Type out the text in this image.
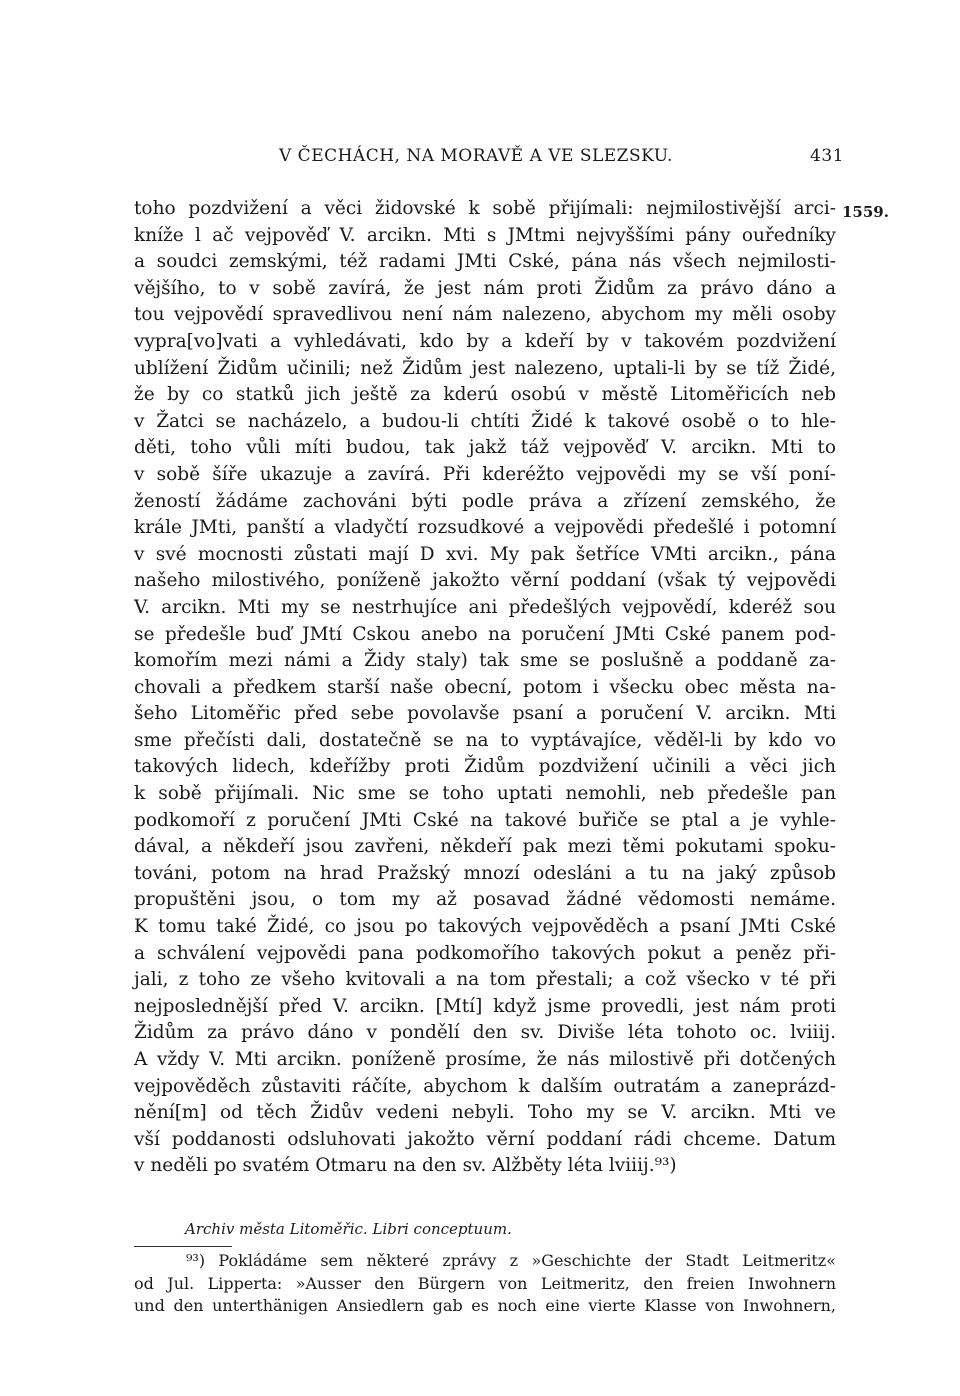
V ČECHÁCH, NA MORAVĚ A VE SLEZSKU.	431
1559.
toho pozdvižení a věci židovské k sobě přijímali: nejmilostivější arci-
kníže l ač vejpověď V. arcikn. Mti s JMtmi nejvyššími pány ouředníky
a soudci zemskými, též radami JMti Cské, pána nás všech nejmilosti-
vějšího, to v sobě zavírá, že jest nám proti Židům za právo dáno a
tou vejpovědí spravedlivou není nám nalezeno, abychom my měli osoby
vypra[vo]vati a vyhledávati, kdo by a kdeří by v takovém pozdvižení
ublížení Židům učinili; než Židům jest nalezeno, uptali-li by se tíž Židé,
že by co statků jich ještě za kderú osobú v městě Litoměřicích neb
v Žatci se nacházelo, a budou-li chtíti Židé k takové osobě o to hle-
děti, toho vůli míti budou, tak jakž táž vejpověď V. arcikn. Mti to
v sobě šíře ukazuje a zavírá. Při kderéžto vejpovědi my se vší poní-
žeností žádáme zachováni býti podle práva a zřízení zemského, že
krále JMti, panští a vladyčtí rozsudkové a vejpovědi předešlé i potomní
v své mocnosti zůstati mají D xvi. My pak šetříce VMti arcikn., pána
našeho milostivého, poníženě jakožto věrní poddaní (však tý vejpovědi
V. arcikn. Mti my se nestrhujíce ani předešlých vejpovědí, kderéž sou
se předešle buď JMtí Cskou anebo na poručení JMti Cské panem pod-
komořím mezi námi a Židy staly) tak sme se poslušně a poddaně za-
chovali a předkem starší naše obecní, potom i všecku obec města na-
šeho Litoměřic před sebe povolavše psaní a poručení V. arcikn. Mti
sme přečísti dali, dostatečně se na to vyptávajíce, věděl-li by kdo vo
takových lidech, kdeřížby proti Židům pozdvižení učinili a věci jich
k sobě přijímali. Nic sme se toho uptati nemohli, neb předešle pan
podkomoří z poručení JMti Cské na takové buřiče se ptal a je vyhle-
dával, a někdeří jsou zavřeni, někdeří pak mezi těmi pokutami spoku-
továni, potom na hrad Pražský mnozí odesláni a tu na jaký způsob
propuštěni jsou, o tom my až posavad žádné vědomosti nemáme.
K tomu také Židé, co jsou po takových vejpověděch a psaní JMti Cské
a schválení vejpovědi pana podkomořího takových pokut a peněz při-
jali, z toho ze všeho kvitovali a na tom přestali; a což všecko v té při
nejposlednější před V. arcikn. [Mtí] když jsme provedli, jest nám proti
Židům za právo dáno v pondělí den sv. Diviše léta tohoto oc. lviiij.
A vždy V. Mti arcikn. poníženě prosíme, že nás milostivě při dotčených
vejpověděch zůstaviti ráčíte, abychom k dalším outratám a zaneprázd-
nění[m] od těch Židův vedeni nebyli. Toho my se V. arcikn. Mti ve
vší poddanosti odsluhovati jakožto věrní poddaní rádi chceme. Datum
v neděli po svatém Otmaru na den sv. Alžběty léta lviiij.⁹³)
Archiv města Litoměřic. Libri conceptuum.
⁹³) Pokládáme sem některé zprávy z »Geschichte der Stadt Leitmeritz«
od Jul. Lipperta: »Ausser den Bürgern von Leitmeritz, den freien Inwohnern
und den unterthänigen Ansiedlern gab es noch eine vierte Klasse von Inwohnern,
